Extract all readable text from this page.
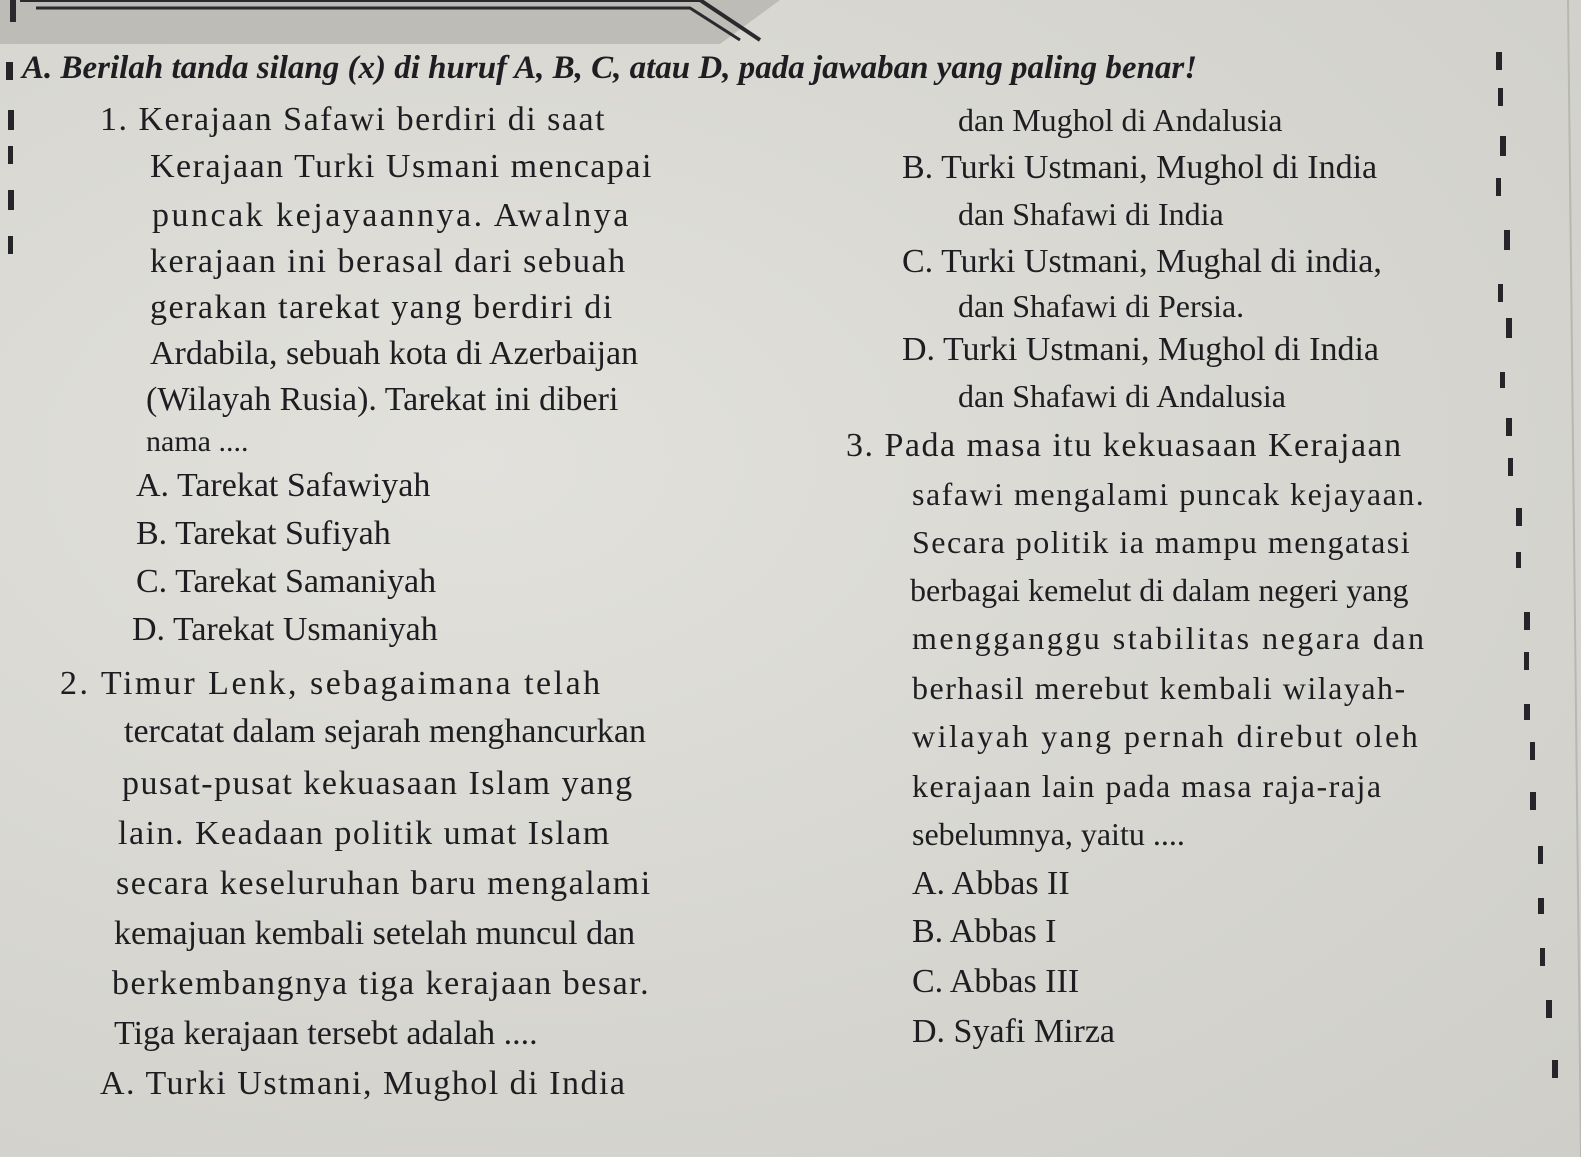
A. Berilah tanda silang (x) di huruf A, B, C, atau D, pada jawaban yang paling benar!
1. Kerajaan Safawi berdiri di saat
Kerajaan Turki Usmani mencapai
puncak kejayaannya. Awalnya
kerajaan ini berasal dari sebuah
gerakan tarekat yang berdiri di
Ardabila, sebuah kota di Azerbaijan
(Wilayah Rusia). Tarekat ini diberi
nama ....
A. Tarekat Safawiyah
B. Tarekat Sufiyah
C. Tarekat Samaniyah
D. Tarekat Usmaniyah
2. Timur Lenk, sebagaimana telah
tercatat dalam sejarah menghancurkan
pusat-pusat kekuasaan Islam yang
lain. Keadaan politik umat Islam
secara keseluruhan baru mengalami
kemajuan kembali setelah muncul dan
berkembangnya tiga kerajaan besar.
Tiga kerajaan tersebt adalah ....
A. Turki Ustmani, Mughol di India
dan Mughol di Andalusia
B. Turki Ustmani, Mughol di India
dan Shafawi di India
C. Turki Ustmani, Mughal di india,
dan Shafawi di Persia.
D. Turki Ustmani, Mughol di India
dan Shafawi di Andalusia
3. Pada masa itu kekuasaan Kerajaan
safawi mengalami puncak kejayaan.
Secara politik ia mampu mengatasi
berbagai kemelut di dalam negeri yang
mengganggu stabilitas negara dan
berhasil merebut kembali wilayah-
wilayah yang pernah direbut oleh
kerajaan lain pada masa raja-raja
sebelumnya, yaitu ....
A. Abbas II
B. Abbas I
C. Abbas III
D. Syafi Mirza
